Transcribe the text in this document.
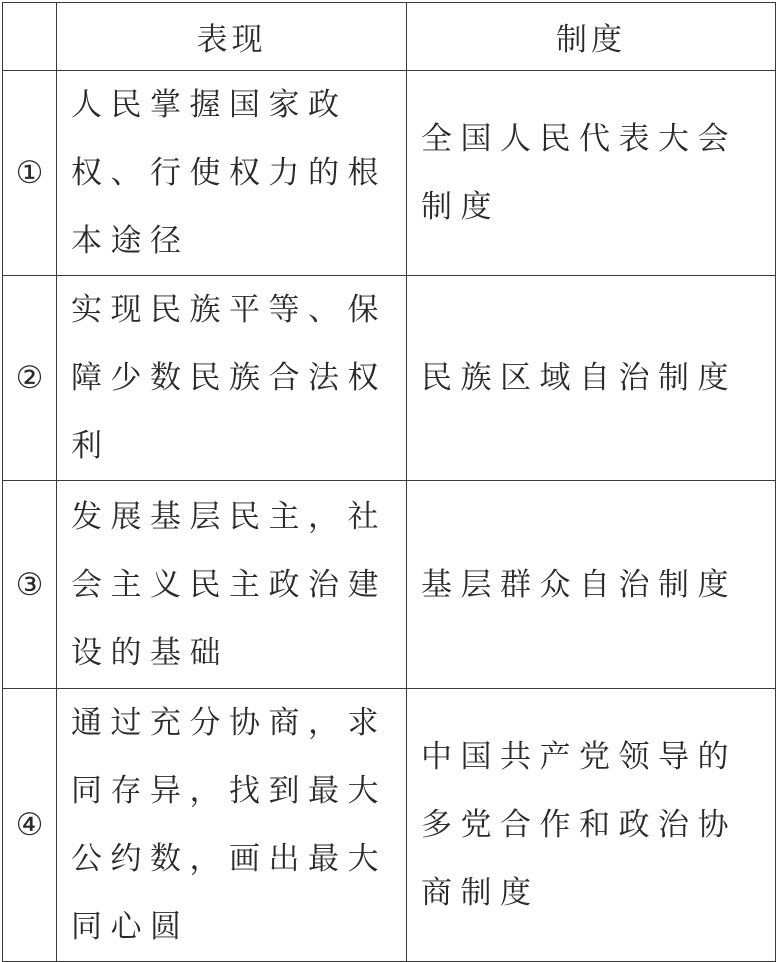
	表现	制度
①	人民掌握国家政权、行使权力的根本途径	全国人民代表大会制度
②	实现民族平等、保障少数民族合法权利	民族区域自治制度
③	发展基层民主，社会主义民主政治建设的基础	基层群众自治制度
④	通过充分协商，求同存异，找到最大公约数，画出最大同心圆	中国共产党领导的多党合作和政治协商制度
